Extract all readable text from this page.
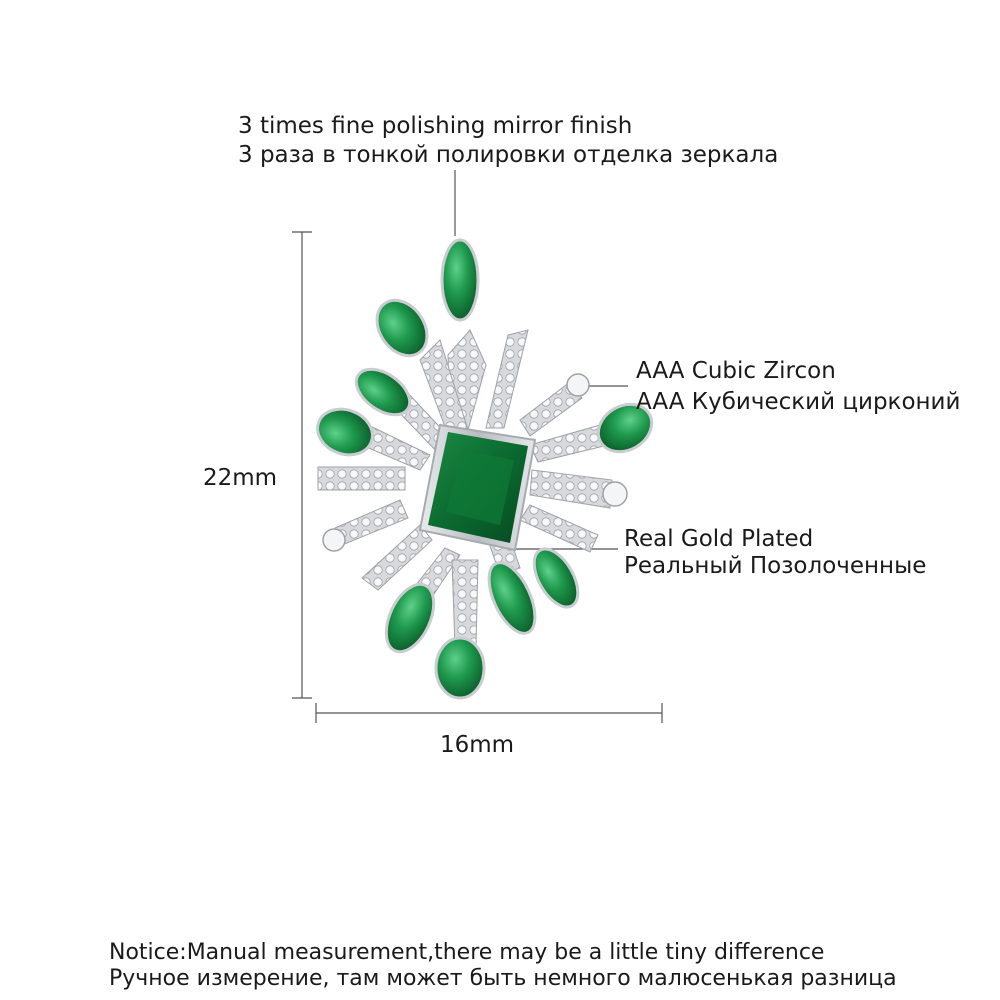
3 times fine polishing mirror finish
3 раза в тонкой полировки отделка зеркала
AAA Cubic Zircon
AAA Кубический цирконий
Real Gold Plated
Реальный Позолоченные
22mm
16mm
Notice:Manual measurement,there may be a little tiny difference
Ручное измерение, там может быть немного малюсенькая разница
